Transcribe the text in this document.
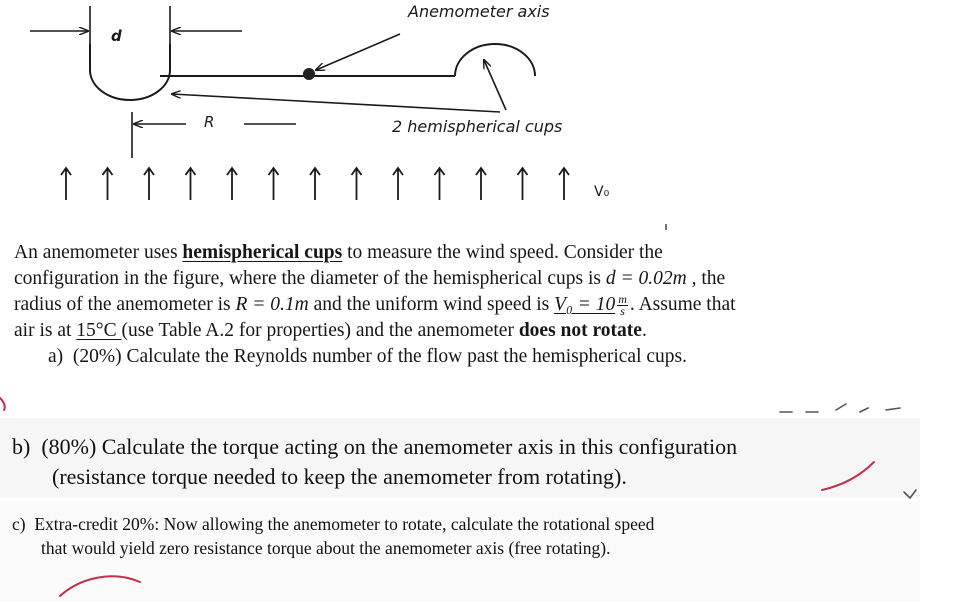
d
Anemometer axis
R	2 hemispherical cups
V₀
An anemometer uses hemispherical cups to measure the wind speed. Consider the
configuration in the figure, where the diameter of the hemispherical cups is d = 0.02m , the
radius of the anemometer is R = 0.1m and the uniform wind speed is $V_0 = 10 \frac{m}{s}$ . Assume that
air is at 15°C (use Table A.2 for properties) and the anemometer does not rotate.
a) (20%) Calculate the Reynolds number of the flow past the hemispherical cups.
b) (80%) Calculate the torque acting on the anemometer axis in this configuration
(resistance torque needed to keep the anemometer from rotating).
c) Extra-credit 20%: Now allowing the anemometer to rotate, calculate the rotational speed
that would yield zero resistance torque about the anemometer axis (free rotating).
